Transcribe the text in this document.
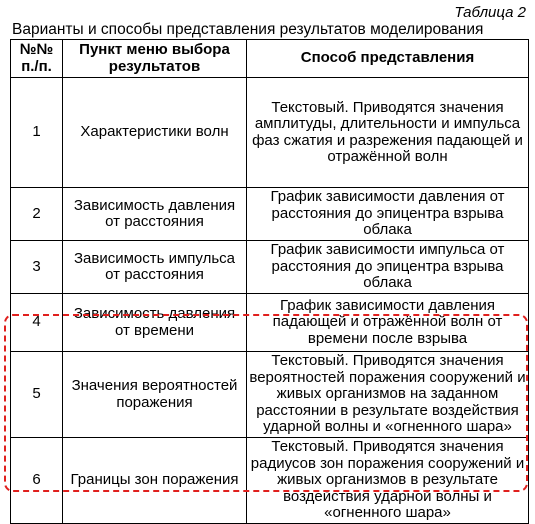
Таблица 2
Варианты и способы представления результатов моделирования
№№ п./п.	Пункт меню выбора результатов	Способ представления
1	Характеристики волн	Текстовый. Приводятся значения амплитуды, длительности и импульса фаз сжатия и разрежения падающей и отражённой волн
2	Зависимость давления от расстояния	График зависимости давления от расстояния до эпицентра взрыва облака
3	Зависимость импульса от расстояния	График зависимости импульса от расстояния до эпицентра взрыва облака
4	Зависимость давления от времени	График зависимости давления падающей и отражённой волн от времени после взрыва
5	Значения вероятностей поражения	Текстовый. Приводятся значения вероятностей поражения сооружений и живых организмов на заданном расстоянии в результате воздействия ударной волны и «огненного шара»
6	Границы зон поражения	Текстовый. Приводятся значения радиусов зон поражения сооружений и живых организмов в результате воздействия ударной волны и «огненного шара»
